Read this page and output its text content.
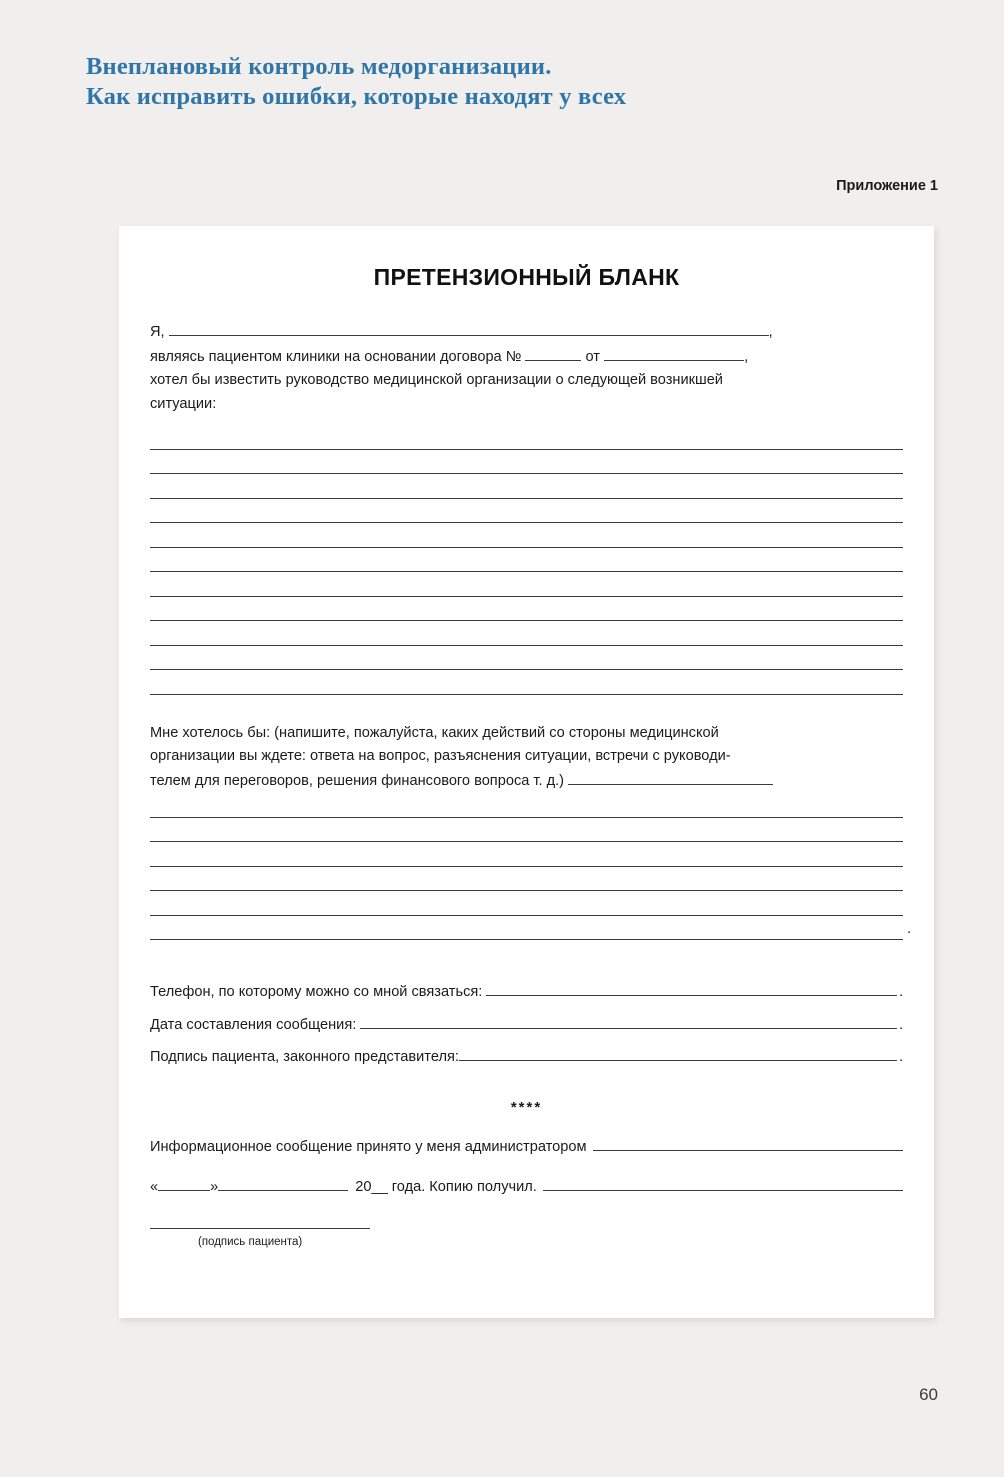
Внеплановый контроль медорганизации.
Как исправить ошибки, которые находят у всех
Приложение 1
ПРЕТЕНЗИОННЫЙ БЛАНК
Я,	,
являясь пациентом клиники на основании договора №	от	,
хотел бы известить руководство медицинской организации о следующей возникшей
ситуации:
Мне хотелось бы: (напишите, пожалуйста, каких действий со стороны медицинской
организации вы ждете: ответа на вопрос, разъяснения ситуации, встречи с руководи-
телем для переговоров, решения финансового вопроса т. д.)
.
Телефон, по которому можно со мной связаться:	.
Дата составления сообщения:	.
Подпись пациента, законного представителя:	.
****
Информационное сообщение принято у меня администратором
«	»	20 __ года. Копию получил.
(подпись пациента)
60
